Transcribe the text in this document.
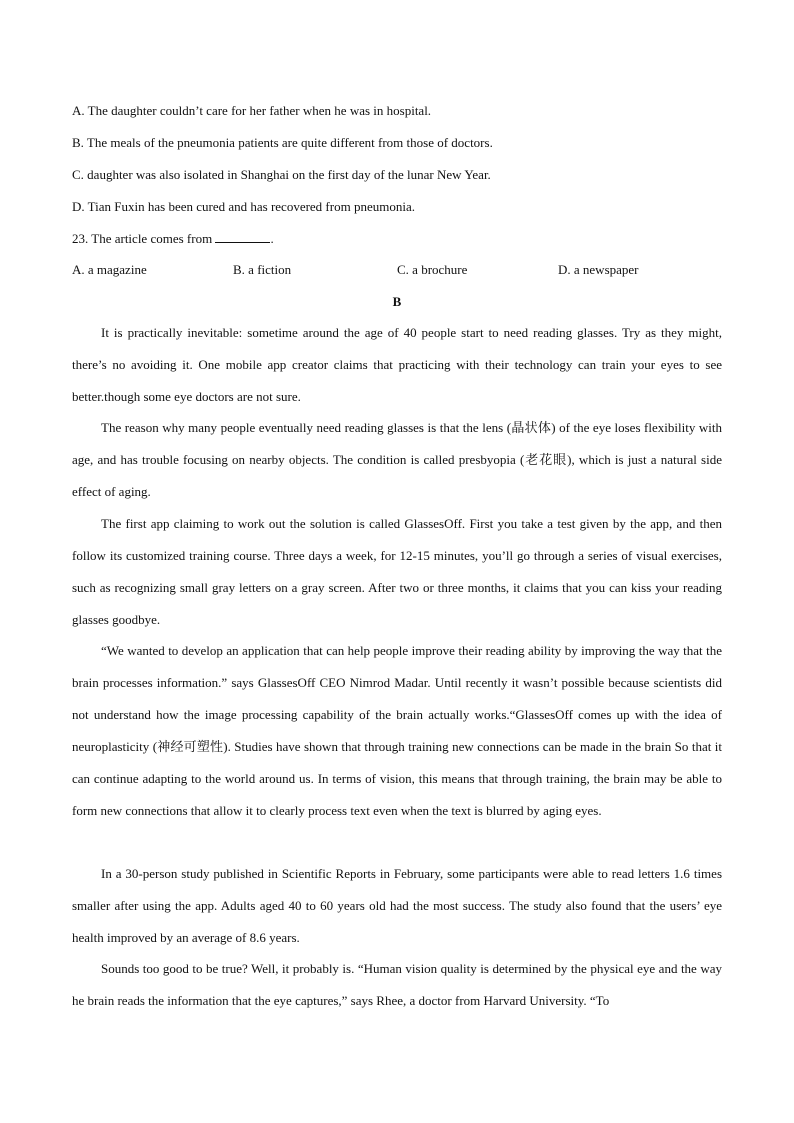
A. The daughter couldn’t care for her father when he was in hospital.
B. The meals of the pneumonia patients are quite different from those of doctors.
C. daughter was also isolated in Shanghai on the first day of the lunar New Year.
D. Tian Fuxin has been cured and has recovered from pneumonia.
23. The article comes from	.
A. a magazine	B. a fiction	C. a brochure	D. a newspaper
B

It is practically inevitable: sometime around the age of 40 people start to need reading glasses. Try as they might, there’s no avoiding it. One mobile app creator claims that practicing with their technology can train your eyes to see better.though some eye doctors are not sure.

The reason why many people eventually need reading glasses is that the lens (晶状体) of the eye loses flexibility with age, and has trouble focusing on nearby objects. The condition is called presbyopia (老花眼), which is just a natural side effect of aging.

The first app claiming to work out the solution is called GlassesOff. First you take a test given by the app, and then follow its customized training course. Three days a week, for 12-15 minutes, you’ll go through a series of visual exercises, such as recognizing small gray letters on a gray screen. After two or three months, it claims that you can kiss your reading glasses goodbye.

“We wanted to develop an application that can help people improve their reading ability by improving the way that the brain processes information.” says GlassesOff CEO Nimrod Madar. Until recently it wasn’t possible because scientists did not understand how the image processing capability of the brain actually works.“GlassesOff comes up with the idea of neuroplasticity (神经可塑性). Studies have shown that through training new connections can be made in the brain So that it can continue adapting to the world around us. In terms of vision, this means that through training, the brain may be able to form new connections that allow it to clearly process text even when the text is blurred by aging eyes.

In a 30-person study published in Scientific Reports in February, some participants were able to read letters 1.6 times smaller after using the app. Adults aged 40 to 60 years old had the most success. The study also found that the users’ eye health improved by an average of 8.6 years.

Sounds too good to be true? Well, it probably is. “Human vision quality is determined by the physical eye and the way he brain reads the information that the eye captures,” says Rhee, a doctor from Harvard University. “To
